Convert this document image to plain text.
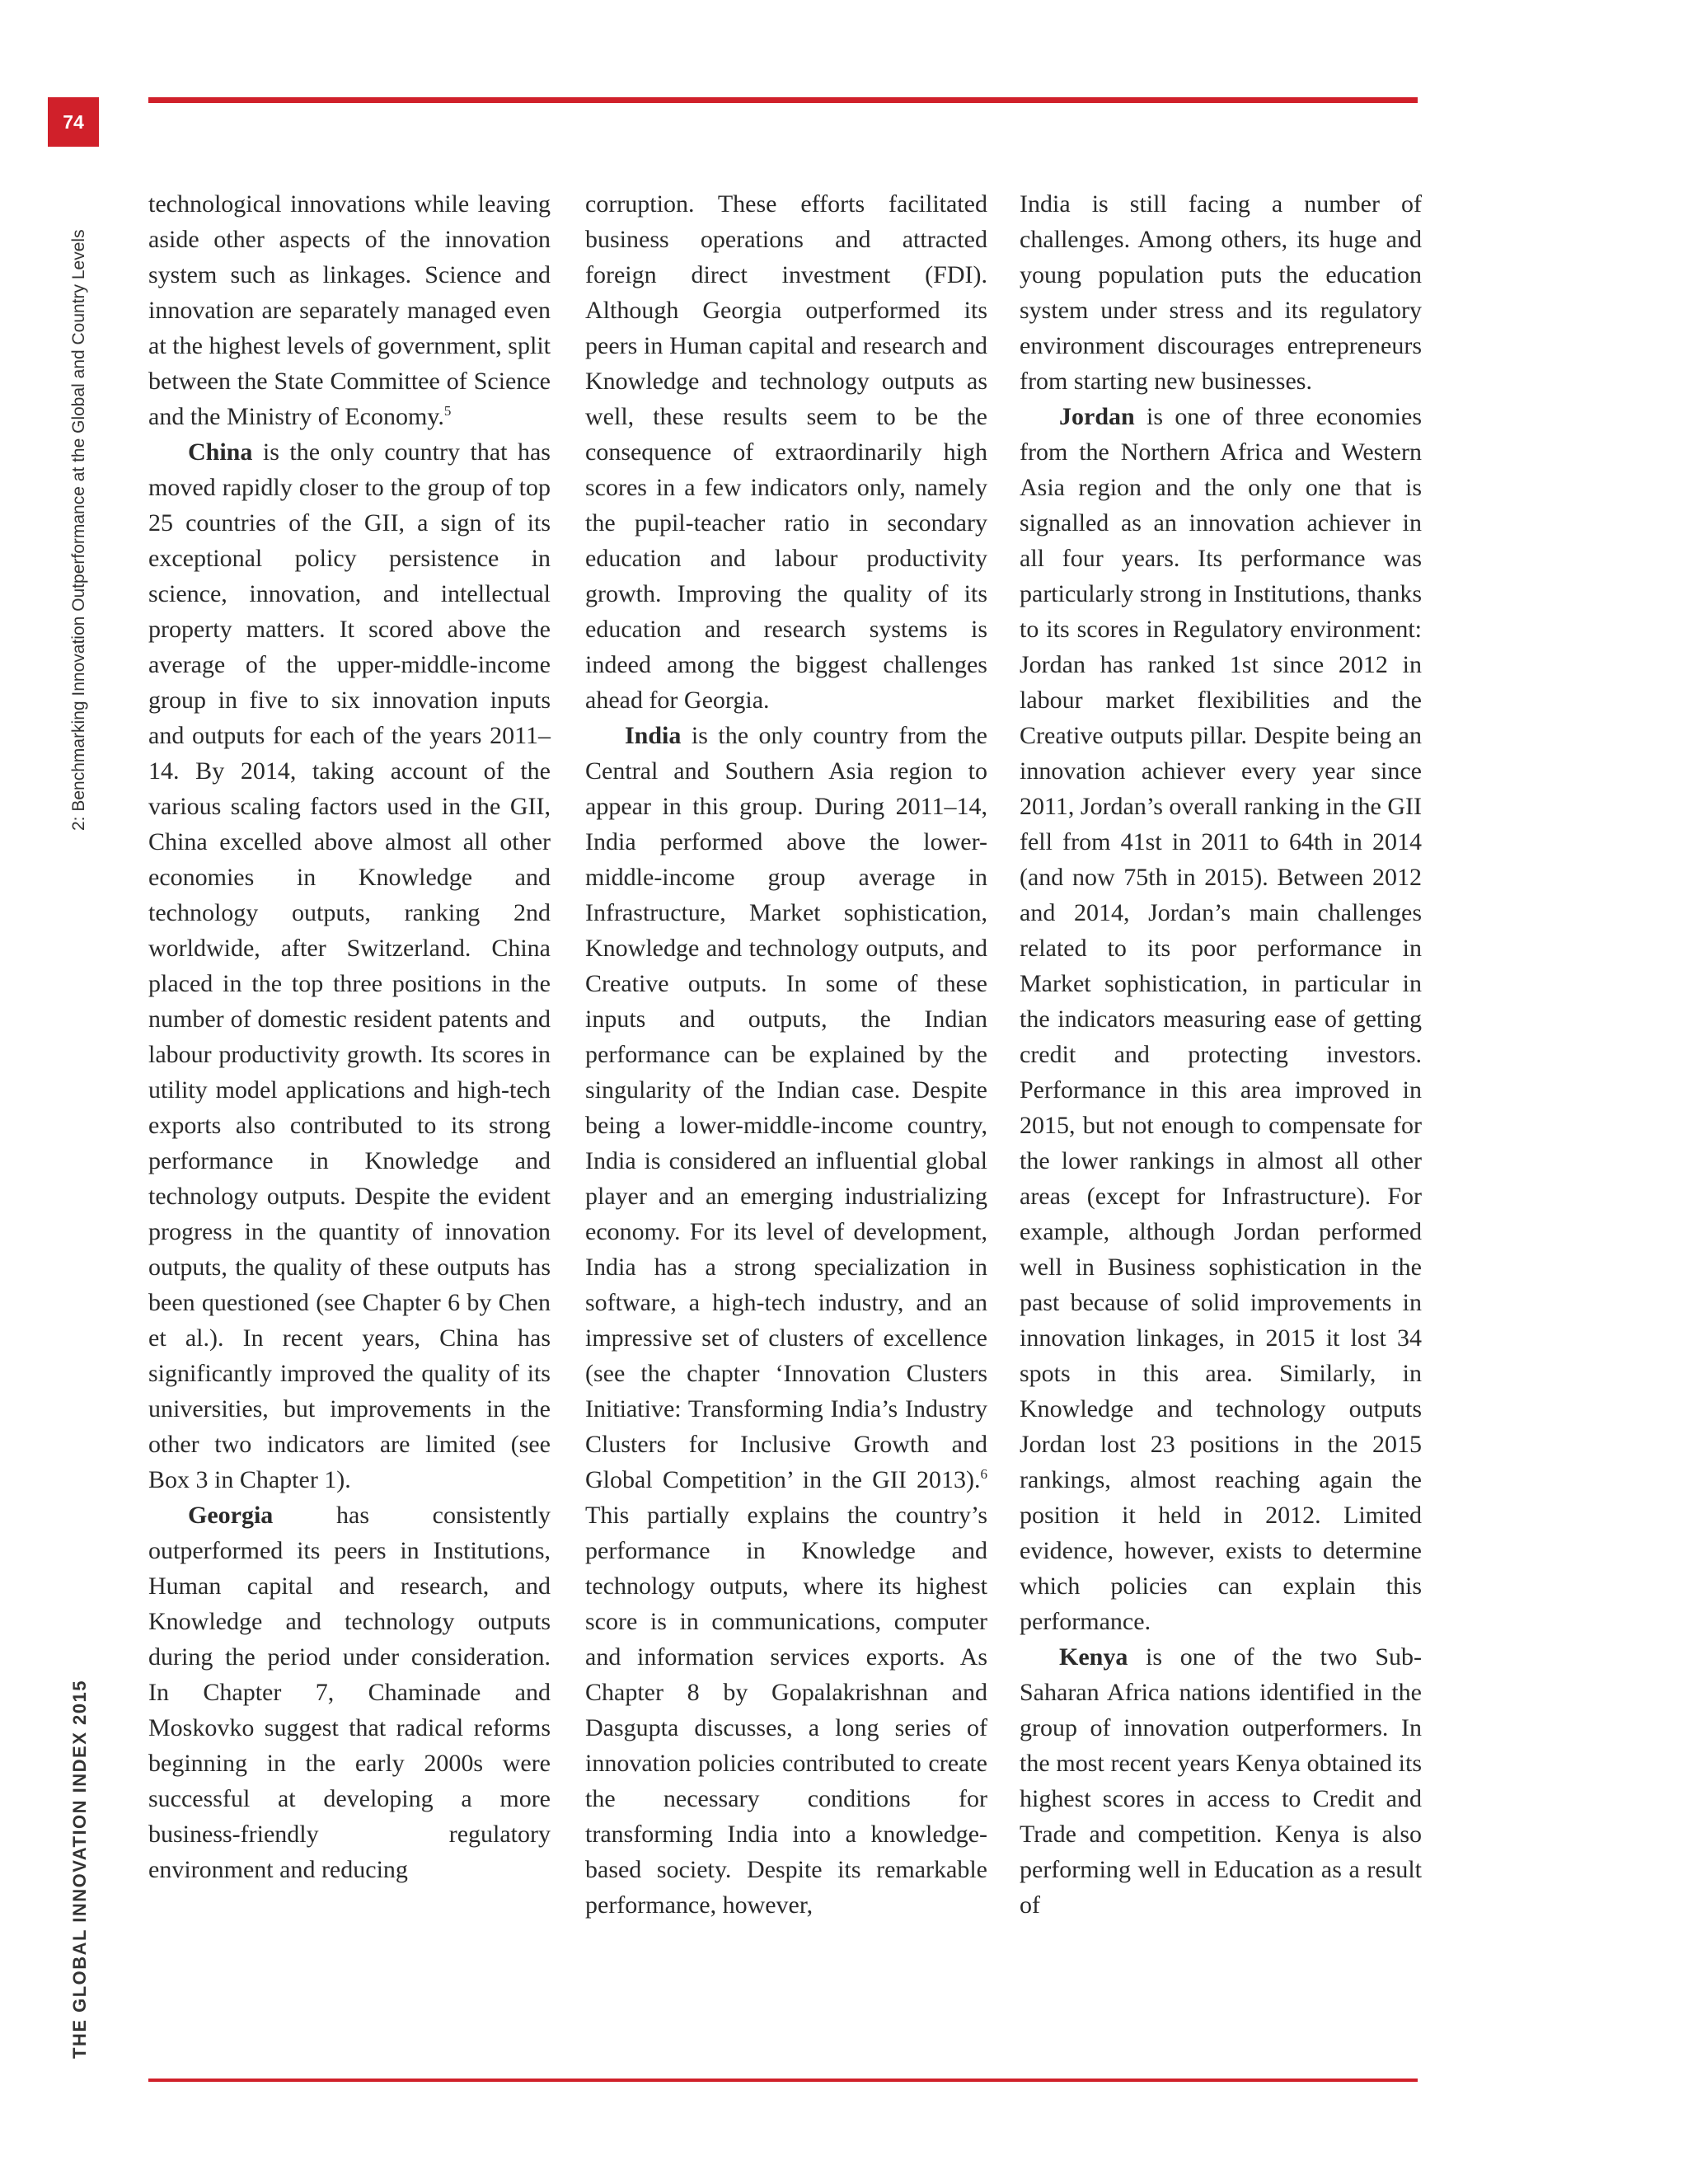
74
2: Benchmarking Innovation Outperformance at the Global and Country Levels
THE GLOBAL INNOVATION INDEX 2015

technological innovations while leaving aside other aspects of the innovation system such as linkages. Science and innovation are separately managed even at the highest levels of government, split between the State Committee of Science and the Ministry of Economy.$^5$

China is the only country that has moved rapidly closer to the group of top 25 countries of the GII, a sign of its exceptional policy persistence in science, innovation, and intellectual property matters. It scored above the average of the upper-middle-income group in five to six innovation inputs and outputs for each of the years 2011–14. By 2014, taking account of the various scaling factors used in the GII, China excelled above almost all other economies in Knowledge and technology outputs, ranking 2nd worldwide, after Switzerland. China placed in the top three positions in the number of domestic resident patents and labour productivity growth. Its scores in utility model applications and high-tech exports also contributed to its strong performance in Knowledge and technology outputs. Despite the evident progress in the quantity of innovation outputs, the quality of these outputs has been questioned (see Chapter 6 by Chen et al.). In recent years, China has significantly improved the quality of its universities, but improvements in the other two indicators are limited (see Box 3 in Chapter 1).

Georgia has consistently outperformed its peers in Institutions, Human capital and research, and Knowledge and technology outputs during the period under consideration. In Chapter 7, Chaminade and Moskovko suggest that radical reforms beginning in the early 2000s were successful at developing a more business-friendly regulatory environment and reducing

corruption. These efforts facilitated business operations and attracted foreign direct investment (FDI). Although Georgia outperformed its peers in Human capital and research and Knowledge and technology outputs as well, these results seem to be the consequence of extraordinarily high scores in a few indicators only, namely the pupil-teacher ratio in secondary education and labour productivity growth. Improving the quality of its education and research systems is indeed among the biggest challenges ahead for Georgia.

India is the only country from the Central and Southern Asia region to appear in this group. During 2011–14, India performed above the lower-middle-income group average in Infrastructure, Market sophistication, Knowledge and technology outputs, and Creative outputs. In some of these inputs and outputs, the Indian performance can be explained by the singularity of the Indian case. Despite being a lower-middle-income country, India is considered an influential global player and an emerging industrializing economy. For its level of development, India has a strong specialization in software, a high-tech industry, and an impressive set of clusters of excellence (see the chapter ‘Innovation Clusters Initiative: Transforming India’s Industry Clusters for Inclusive Growth and Global Competition’ in the GII 2013).$^6$ This partially explains the country’s performance in Knowledge and technology outputs, where its highest score is in communications, computer and information services exports. As Chapter 8 by Gopalakrishnan and Dasgupta discusses, a long series of innovation policies contributed to create the necessary conditions for transforming India into a knowledge-based society. Despite its remarkable performance, however,

India is still facing a number of challenges. Among others, its huge and young population puts the education system under stress and its regulatory environment discourages entrepreneurs from starting new businesses.

Jordan is one of three economies from the Northern Africa and Western Asia region and the only one that is signalled as an innovation achiever in all four years. Its performance was particularly strong in Institutions, thanks to its scores in Regulatory environment: Jordan has ranked 1st since 2012 in labour market flexibilities and the Creative outputs pillar. Despite being an innovation achiever every year since 2011, Jordan’s overall ranking in the GII fell from 41st in 2011 to 64th in 2014 (and now 75th in 2015). Between 2012 and 2014, Jordan’s main challenges related to its poor performance in Market sophistication, in particular in the indicators measuring ease of getting credit and protecting investors. Performance in this area improved in 2015, but not enough to compensate for the lower rankings in almost all other areas (except for Infrastructure). For example, although Jordan performed well in Business sophistication in the past because of solid improvements in innovation linkages, in 2015 it lost 34 spots in this area. Similarly, in Knowledge and technology outputs Jordan lost 23 positions in the 2015 rankings, almost reaching again the position it held in 2012. Limited evidence, however, exists to determine which policies can explain this performance.

Kenya is one of the two Sub-Saharan Africa nations identified in the group of innovation outperformers. In the most recent years Kenya obtained its highest scores in access to Credit and Trade and competition. Kenya is also performing well in Education as a result of
